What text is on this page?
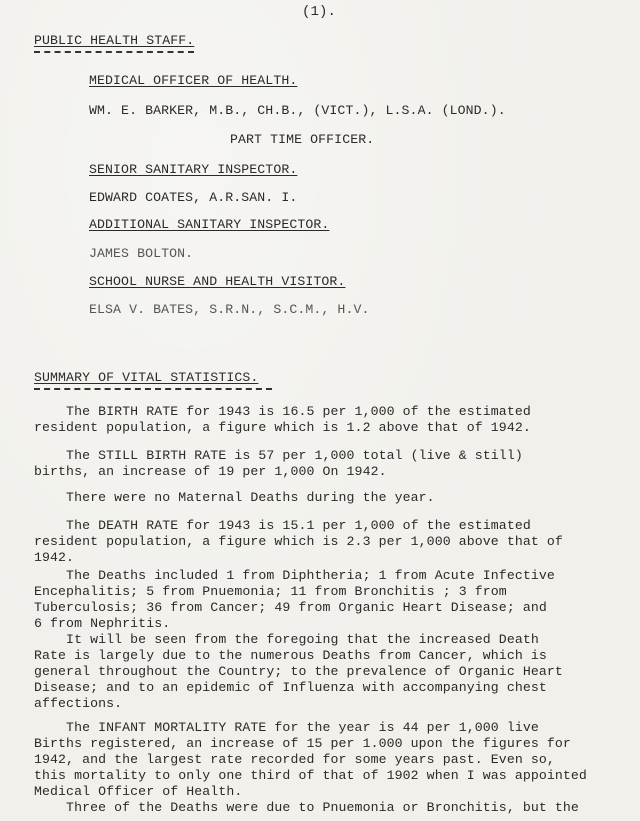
(1).
PUBLIC HEALTH STAFF.
MEDICAL OFFICER OF HEALTH.
WM. E. BARKER, M.B., CH.B., (VICT.), L.S.A. (LOND.).
PART TIME OFFICER.
SENIOR SANITARY INSPECTOR.
EDWARD COATES, A.R.SAN. I.
ADDITIONAL SANITARY INSPECTOR.
JAMES BOLTON.
SCHOOL NURSE AND HEALTH VISITOR.
ELSA V. BATES, S.R.N., S.C.M., H.V.
SUMMARY OF VITAL STATISTICS.
The BIRTH RATE for 1943 is 16.5 per 1,000 of the estimated
resident population, a figure which is 1.2 above that of 1942.
The STILL BIRTH RATE is 57 per 1,000 total (live & still)
births, an increase of 19 per 1,000 On 1942.
There were no Maternal Deaths during the year.
The DEATH RATE for 1943 is 15.1 per 1,000 of the estimated
resident population, a figure which is 2.3 per 1,000 above that of
1942.
The Deaths included 1 from Diphtheria; 1 from Acute Infective
Encephalitis; 5 from Pnuemonia; 11 from Bronchitis ; 3 from
Tuberculosis; 36 from Cancer; 49 from Organic Heart Disease; and
6 from Nephritis.
It will be seen from the foregoing that the increased Death
Rate is largely due to the numerous Deaths from Cancer, which is
general throughout the Country; to the prevalence of Organic Heart
Disease; and to an epidemic of Influenza with accompanying chest
affections.
The INFANT MORTALITY RATE for the year is 44 per 1,000 live
Births registered, an increase of 15 per 1.000 upon the figures for
1942, and the largest rate recorded for some years past. Even so,
this mortality to only one third of that of 1902 when I was appointed
Medical Officer of Health.
Three of the Deaths were due to Pnuemonia or Bronchitis, but the
